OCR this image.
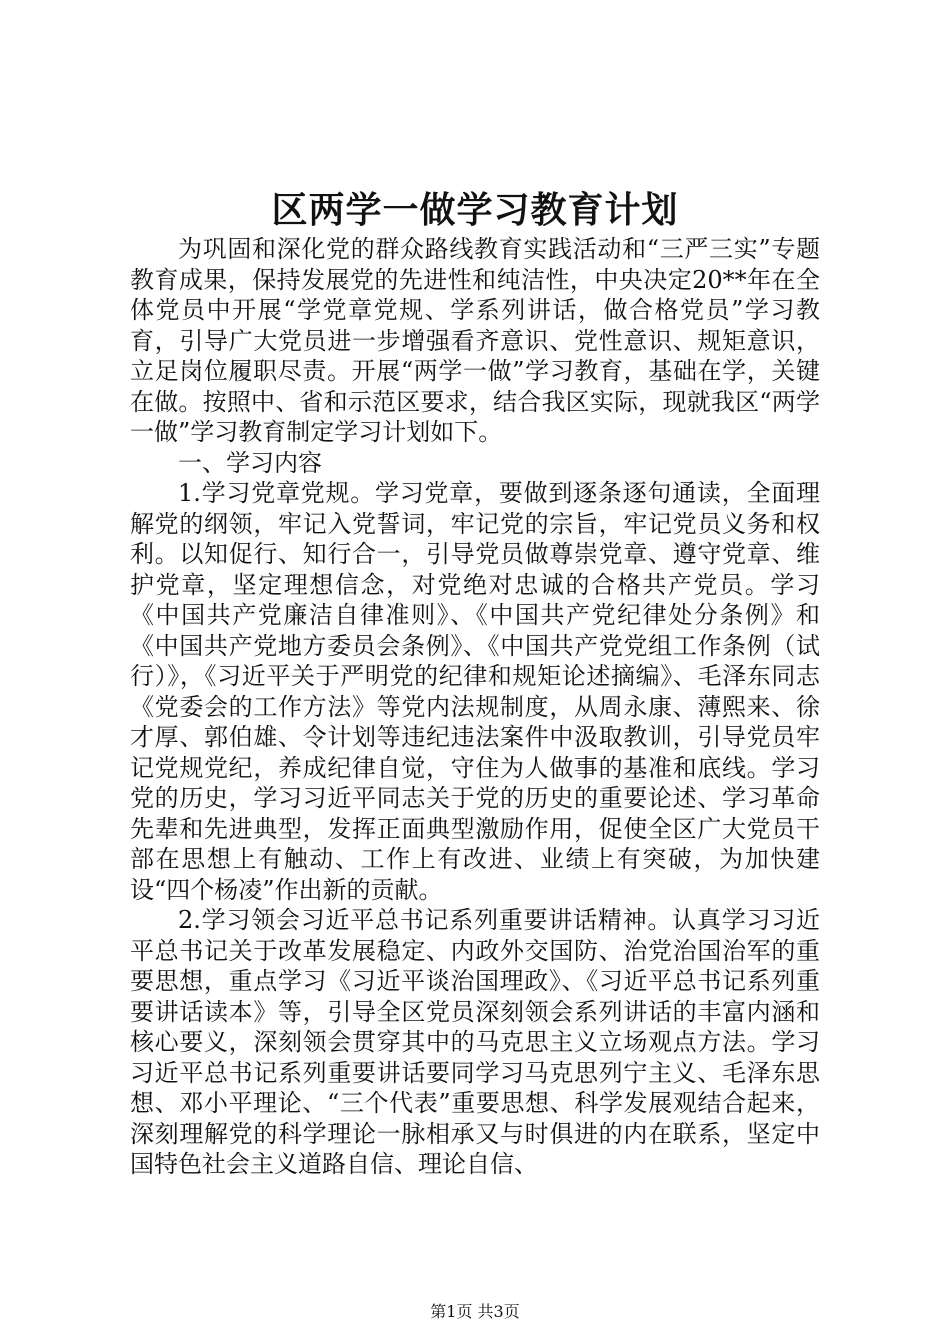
区两学一做学习教育计划

为巩固和深化党的群众路线教育实践活动和“三严三实”专题教育成果，保持发展党的先进性和纯洁性，中央决定20**年在全体党员中开展“学党章党规、学系列讲话，做合格党员”学习教育，引导广大党员进一步增强看齐意识、党性意识、规矩意识，立足岗位履职尽责。开展“两学一做”学习教育，基础在学，关键在做。按照中、省和示范区要求，结合我区实际，现就我区“两学一做”学习教育制定学习计划如下。

一、学习内容

1.学习党章党规。学习党章，要做到逐条逐句通读，全面理解党的纲领，牢记入党誓词，牢记党的宗旨，牢记党员义务和权利。以知促行、知行合一，引导党员做尊崇党章、遵守党章、维护党章，坚定理想信念，对党绝对忠诚的合格共产党员。学习《中国共产党廉洁自律准则》、《中国共产党纪律处分条例》和《中国共产党地方委员会条例》、《中国共产党党组工作条例（试行）》，《习近平关于严明党的纪律和规矩论述摘编》、毛泽东同志《党委会的工作方法》等党内法规制度，从周永康、薄熙来、徐才厚、郭伯雄、令计划等违纪违法案件中汲取教训，引导党员牢记党规党纪，养成纪律自觉，守住为人做事的基准和底线。学习党的历史，学习习近平同志关于党的历史的重要论述、学习革命先辈和先进典型，发挥正面典型激励作用，促使全区广大党员干部在思想上有触动、工作上有改进、业绩上有突破，为加快建设“四个杨凌”作出新的贡献。

2.学习领会习近平总书记系列重要讲话精神。认真学习习近平总书记关于改革发展稳定、内政外交国防、治党治国治军的重要思想，重点学习《习近平谈治国理政》、《习近平总书记系列重要讲话读本》等，引导全区党员深刻领会系列讲话的丰富内涵和核心要义，深刻领会贯穿其中的马克思主义立场观点方法。学习习近平总书记系列重要讲话要同学习马克思列宁主义、毛泽东思想、邓小平理论、“三个代表”重要思想、科学发展观结合起来，深刻理解党的科学理论一脉相承又与时俱进的内在联系，坚定中国特色社会主义道路自信、理论自信、

第1页 共3页
